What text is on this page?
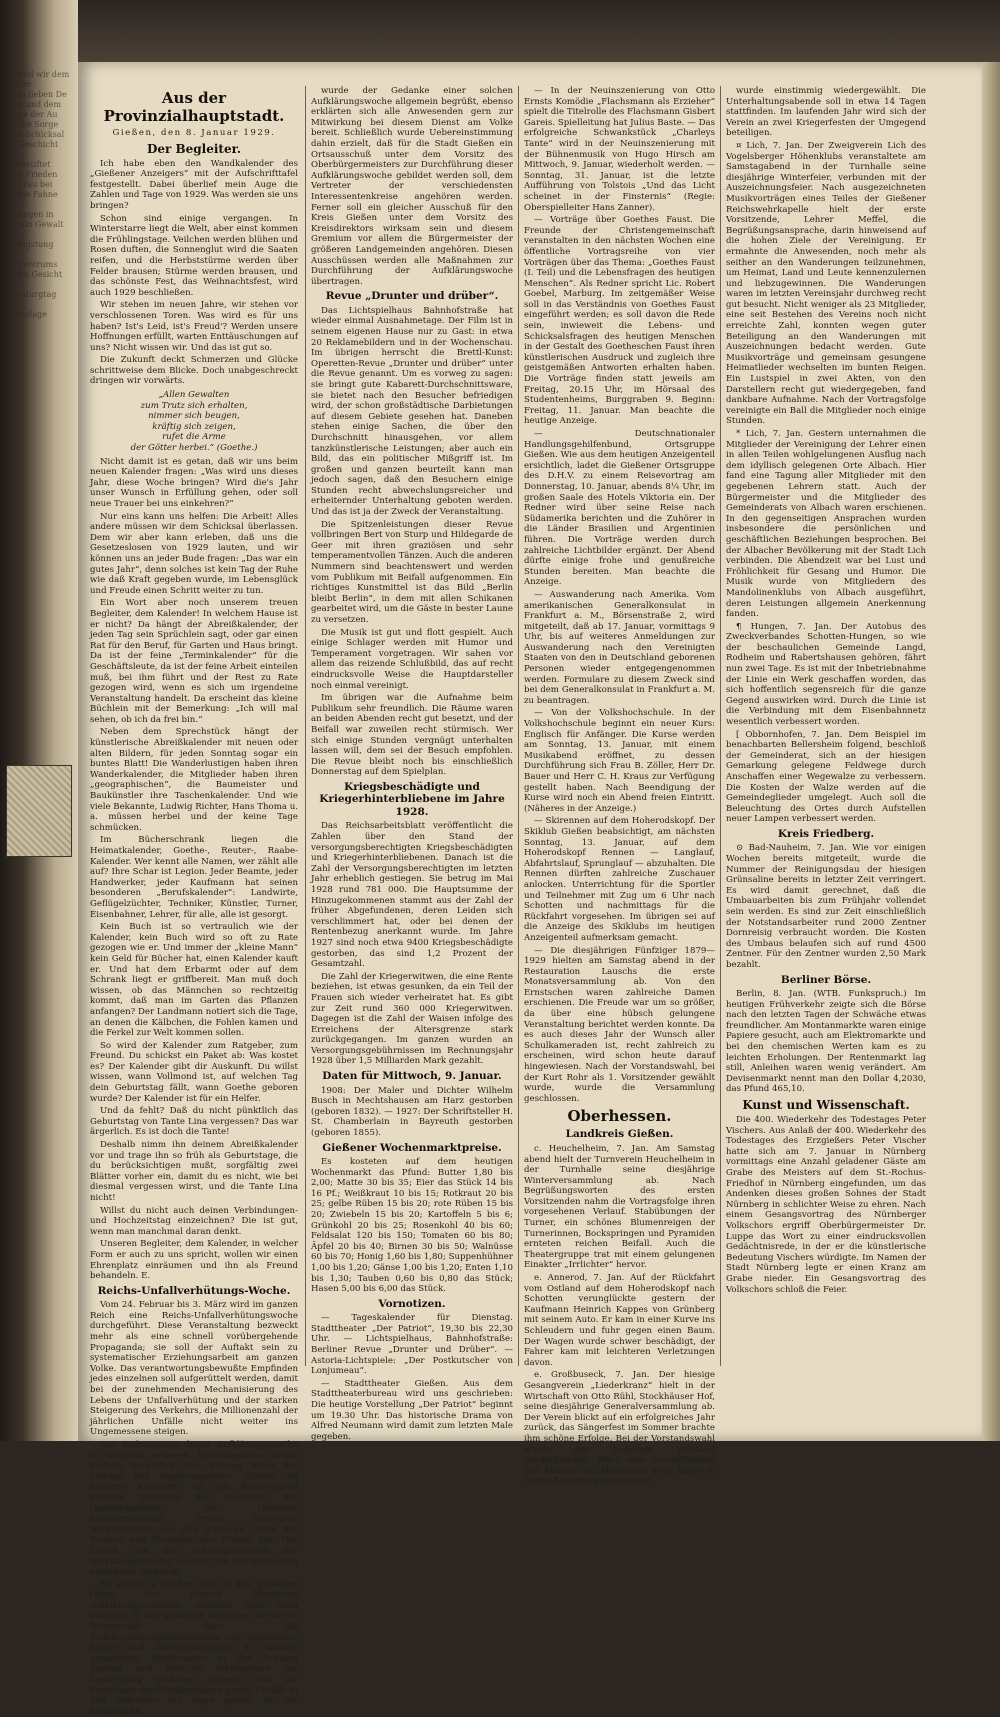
find wir dem Ver
in lieben De
d und dem
ge der Au
Die Sorge
n Schicksal
Geschicht

erstiftet
n Frieden
Frau bei
die Fahne

ungen in
von Gewalt

mgstung

Zentrums
tin Gesicht

rsturgtag

terlage
Aus der Provinzialhauptstadt.
Gießen, den 8. Januar 1929.
Der Begleiter.

Ich habe eben den Wandkalender des „Gießener Anzeigers“ mit der Aufschrifttafel festgestellt. Dabei überlief mein Auge die Zahlen und Tage von 1929. Was werden sie uns bringen?

Schon sind einige vergangen. In Winterstarre liegt die Welt, aber einst kommen die Frühlingstage. Veilchen werden blühen und Rosen duften, die Sonnenglut wird die Saaten reifen, und die Herbststürme werden über Felder brausen; Stürme werden brausen, und das schönste Fest, das Weihnachtsfest, wird auch 1929 beschließen.

Wir stehen im neuen Jahre, wir stehen vor verschlossenen Toren. Was wird es für uns haben? Ist's Leid, ist's Freud'? Werden unsere Hoffnungen erfüllt, warten Enttäuschungen auf uns? Nicht wissen wir. Und das ist gut so.

Die Zukunft deckt Schmerzen und Glücke schrittweise dem Blicke. Doch unabgeschreckt dringen wir vorwärts.

„Allen Gewalten
zum Trutz sich erhalten,
nimmer sich beugen,
kräftig sich zeigen,
rufet die Arme
der Götter herbei.“ (Goethe.)

Nicht damit ist es getan, daß wir uns beim neuen Kalender fragen: „Was wird uns dieses Jahr, diese Woche bringen? Wird die's Jahr unser Wunsch in Erfüllung gehen, oder soll neue Trauer bei uns einkehren?“

Nur eins kann uns helfen: Die Arbeit! Alles andere müssen wir dem Schicksal überlassen. Dem wir aber kann erleben, daß uns die Gesetzeslosen von 1929 lauten, und wir können uns an jeder Bude fragen: „Das war ein gutes Jahr“, denn solches ist kein Tag der Ruhe wie daß Kraft gegeben wurde, im Lebensglück und Freude einen Schritt weiter zu tun.

Ein Wort aber noch unserem treuen Begleiter, dem Kalender! In welchem Hause ist er nicht? Da hängt der Abreißkalender, der jeden Tag sein Sprüchlein sagt, oder gar einen Rat für den Beruf, für Garten und Haus bringt. Da ist der feine „Terminkalender“ für die Geschäftsleute, da ist der feine Arbeit einteilen muß, bei ihm führt und der Rest zu Rate gezogen wird, wenn es sich um irgendeine Veranstaltung handelt. Da erscheint das kleine Büchlein mit der Bemerkung: „Ich will mal sehen, ob ich da frei bin.“

Neben dem Sprechstück hängt der künstlerische Abreißkalender mit neuen oder alten Bildern, für jeden Sonntag sogar ein buntes Blatt! Die Wanderlustigen haben ihren Wanderkalender, die Mitglieder haben ihren „geographischen“, die Baumeister und Baukünstler ihre Taschenkalender. Und wie viele Bekannte, Ludwig Richter, Hans Thoma u. a. müssen herbei und der keine Tage schmücken.

Im Bücherschrank liegen die Heimatkalender, Goethe-, Reuter-, Raabe-Kalender. Wer kennt alle Namen, wer zählt alle auf? Ihre Schar ist Legion. Jeder Beamte, jeder Handwerker, jeder Kaufmann hat seinen besonderen „Berufskalender“: Landwirte, Geflügelzüchter, Techniker, Künstler, Turner, Eisenbahner, Lehrer, für alle, alle ist gesorgt.

Kein Buch ist so vertraulich wie der Kalender, kein Buch wird so oft zu Rate gezogen wie er. Und immer der „kleine Mann“ kein Geld für Bücher hat, einen Kalender kauft er. Und hat dem Erbarmt oder auf dem Schrank liegt er griffbereit. Man muß doch wissen, ob das Männchen so rechtzeitig kommt, daß man im Garten das Pflanzen anfangen? Der Landmann notiert sich die Tage, an denen die Kälbchen, die Fohlen kamen und die Ferkel zur Welt kommen sollen.

So wird der Kalender zum Ratgeber, zum Freund. Du schickst ein Paket ab: Was kostet es? Der Kalender gibt dir Auskunft. Du willst wissen, wann Vollmond ist, auf welchen Tag dein Geburtstag fällt, wann Goethe geboren wurde? Der Kalender ist für ein Helfer.

Und da fehlt? Daß du nicht pünktlich das Geburtstag von Tante Lina vergessen? Das war ärgerlich. Es ist doch die Tante!

Deshalb nimm ihn deinem Abreißkalender vor und trage ihn so früh als Geburtstage, die du berücksichtigen mußt, sorgfältig zwei Blätter vorher ein, damit du es nicht, wie bei diesmal vergessen wirst, und die Tante Lina nicht!

Willst du nicht auch deinen Verbindungen- und Hochzeitstag einzeichnen? Die ist gut, wenn man manchmal daran denkt.

Unseren Begleiter, dem Kalender, in welcher Form er auch zu uns spricht, wollen wir einen Ehrenplatz einräumen und ihn als Freund behandeln. E.

Reichs-Unfallverhütungs-Woche.

Vom 24. Februar bis 3. März wird im ganzen Reich eine Reichs-Unfallverhütungswoche durchgeführt. Diese Veranstaltung bezweckt mehr als eine schnell vorübergehende Propaganda; sie soll der Auftakt sein zu systematischer Erziehungsarbeit am ganzen Volke. Das verantwortungsbewußte Empfinden jedes einzelnen soll aufgerüttelt werden, damit bei der zunehmenden Mechanisierung des Lebens der Unfallverhütung und der starken Steigerung des Verkehrs, die Millionenzahl der jährlichen Unfälle nicht weiter ins Ungemessene steigen.

Der Vorbereitung dieser Aufklärungswoche in unserem engeren Heimatgebiete diente gestern vormittag eine Sitzung unter der Leitung des Regierungsrates Schmitt im hiesigen Kreisamt. An der Besprechung nahmen Vertreter der Industrie, der Handelskammer, der Gießener Stadtverwaltung, ferner zahlreiche Bürgermeister aus den größeren Orten des Kreises und Vertreter der Presse teil. Der Zweck und das Arbeitsprogramm der Aufklärungswoche wurden von Dr. Weesmann eingehend dargelegt.

Es sollen in Gießen und in den größeren Orten des Kreises öffentliche Aufklärungsvorträge, daneben aber auch Vorträge in den größeren Betrieben vor deren Belegschaft über die Unfallverhütungsmaßnahmen usw. stattfinden; ferner sind Filmvorführungen in Aussicht genommen. Belehrungen in den Schulen geplant und ähnliche Maßnahmen zur Verbreitung größeren Wissens und zur Verhütung der Unfallgefahren gegen Unfälle in den Betrieben ins Auge gefaßt. In der Aussprache

wurde der Gedanke einer solchen Aufklärungswoche allgemein begrüßt, ebenso erklärten sich alle Anwesenden gern zur Mitwirkung bei diesem Dienst am Volke bereit. Schließlich wurde Uebereinstimmung dahin erzielt, daß für die Stadt Gießen ein Ortsausschuß unter dem Vorsitz des Oberbürgermeisters zur Durchführung dieser Aufklärungswoche gebildet werden soll, dem Vertreter der verschiedensten Interessentenkreise angehören werden. Ferner soll ein gleicher Ausschuß für den Kreis Gießen unter dem Vorsitz des Kreisdirektors wirksam sein und diesem Gremium vor allem die Bürgermeister der größeren Landgemeinden angehören. Diesen Ausschüssen werden alle Maßnahmen zur Durchführung der Aufklärungswoche übertragen.

Revue „Drunter und drüber“.

Das Lichtspielhaus Bahnhofstraße hat wieder einmal Ausnahmetage. Der Film ist in seinem eigenen Hause nur zu Gast: in etwa 20 Reklamebildern und in der Wochenschau. Im übrigen herrscht die Brettl-Kunst: Operetten-Revue „Drunter und drüber“ unter die Revue genannt. Um es vorweg zu sagen: sie bringt gute Kabarett-Durchschnittsware, sie bietet nach den Besucher befriedigen wird, der schon großstädtische Darbietungen auf diesem Gebiete gesehen hat. Daneben stehen einige Sachen, die über den Durchschnitt hinausgehen, vor allem tanzkünstlerische Leistungen; aber auch ein Bild, das ein politischer Mißgriff ist. Im großen und ganzen beurteilt kann man jedoch sagen, daß den Besuchern einige Stunden recht abwechslungsreicher und erheiternder Unterhaltung geboten werden. Und das ist ja der Zweck der Veranstaltung.

Die Spitzenleistungen dieser Revue vollbringen Bert von Sturp und Hildegarde de Geer mit ihren graziösen und sehr temperamentvollen Tänzen. Auch die anderen Nummern sind beachtenswert und werden vom Publikum mit Beifall aufgenommen. Ein richtiges Kunstmittel ist das Bild „Berlin bleibt Berlin“, in dem mit allen Schikanen gearbeitet wird, um die Gäste in bester Laune zu versetzen.

Die Musik ist gut und flott gespielt. Auch einige Schlager werden mit Humor und Temperament vorgetragen. Wir sahen vor allem das reizende Schlußbild, das auf recht eindrucksvolle Weise die Hauptdarsteller noch einmal vereinigt.

Im übrigen war die Aufnahme beim Publikum sehr freundlich. Die Räume waren an beiden Abenden recht gut besetzt, und der Beifall war zuweilen recht stürmisch. Wer sich einige Stunden vergnügt unterhalten lassen will, dem sei der Besuch empfohlen. Die Revue bleibt noch bis einschließlich Donnerstag auf dem Spielplan.

Kriegsbeschädigte und Kriegerhinterbliebene im Jahre 1928.

Das Reichsarbeitsblatt veröffentlicht die Zahlen über den Stand der versorgungsberechtigten Kriegsbeschädigten und Kriegerhinterbliebenen. Danach ist die Zahl der Versorgungsberechtigten im letzten Jahr erheblich gestiegen. Sie betrug im Mai 1928 rund 781 000. Die Hauptsumme der Hinzugekommenen stammt aus der Zahl der früher Abgefundenen, deren Leiden sich verschlimmert hat, oder bei denen der Rentenbezug anerkannt wurde. Im Jahre 1927 sind noch etwa 9400 Kriegsbeschädigte gestorben, das sind 1,2 Prozent der Gesamtzahl.

Die Zahl der Kriegerwitwen, die eine Rente beziehen, ist etwas gesunken, da ein Teil der Frauen sich wieder verheiratet hat. Es gibt zur Zeit rund 360 000 Kriegerwitwen. Dagegen ist die Zahl der Waisen infolge des Erreichens der Altersgrenze stark zurückgegangen. Im ganzen wurden an Versorgungsgebührnissen im Rechnungsjahr 1928 über 1,5 Milliarden Mark gezahlt.

Daten für Mittwoch, 9. Januar.

1908: Der Maler und Dichter Wilhelm Busch in Mechtshausen am Harz gestorben (geboren 1832). — 1927: Der Schriftsteller H. St. Chamberlain in Bayreuth gestorben (geboren 1855).

Gießener Wochenmarktpreise.

Es kosteten auf dem heutigen Wochenmarkt das Pfund: Butter 1,80 bis 2,00; Matte 30 bis 35; Eier das Stück 14 bis 16 Pf.; Weißkraut 10 bis 15; Rotkraut 20 bis 25; gelbe Rüben 15 bis 20; rote Rüben 15 bis 20; Zwiebeln 15 bis 20; Kartoffeln 5 bis 6; Grünkohl 20 bis 25; Rosenkohl 40 bis 60; Feldsalat 120 bis 150; Tomaten 60 bis 80; Äpfel 20 bis 40; Birnen 30 bis 50; Walnüsse 60 bis 70; Honig 1,60 bis 1,80; Suppenhühner 1,00 bis 1,20; Gänse 1,00 bis 1,20; Enten 1,10 bis 1,30; Tauben 0,60 bis 0,80 das Stück; Hasen 5,00 bis 6,00 das Stück.

Vornotizen.

— Tageskalender für Dienstag. Stadttheater „Der Patriot“, 19,30 bis 22,30 Uhr. — Lichtspielhaus, Bahnhofstraße: Berliner Revue „Drunter und Drüber“. — Astoria-Lichtspiele: „Der Postkutscher von Lonjumeau“.

— Stadttheater Gießen. Aus dem Stadttheaterbureau wird uns geschrieben: Die heutige Vorstellung „Der Patriot“ beginnt um 19.30 Uhr. Das historische Drama von Alfred Neumann wird damit zum letzten Male gegeben.

— In der Neuinszenierung von Otto Ernsts Komödie „Flachsmann als Erzieher“ spielt die Titelrolle des Flachsmann Gisbert Gareis. Spielleitung hat Julius Baste. — Das erfolgreiche Schwankstück „Charleys Tante“ wird in der Neuinszenierung mit der Bühnenmusik von Hugo Hirsch am Mittwoch, 9. Januar, wiederholt werden. — Sonntag, 31. Januar, ist die letzte Aufführung von Tolstois „Und das Licht scheinet in der Finsternis“ (Regie: Oberspielleiter Hans Zanner).

— Vorträge über Goethes Faust. Die Freunde der Christengemeinschaft veranstalten in den nächsten Wochen eine öffentliche Vortragsreihe von vier Vorträgen über das Thema: „Goethes Faust (I. Teil) und die Lebensfragen des heutigen Menschen“. Als Redner spricht Lic. Robert Goebel, Marburg. Im zeitgemäßer Weise soll in das Verständnis von Goethes Faust eingeführt werden; es soll davon die Rede sein, inwieweit die Lebens- und Schicksalsfragen des heutigen Menschen in der Gestalt des Goetheschen Faust ihren künstlerischen Ausdruck und zugleich ihre geistgemäßen Antworten erhalten haben. Die Vorträge finden statt jeweils am Freitag, 20.15 Uhr, im Hörsaal des Studentenheims, Burggraben 9. Beginn: Freitag, 11. Januar. Man beachte die heutige Anzeige.

— Deutschnationaler Handlungsgehilfenbund, Ortsgruppe Gießen. Wie aus dem heutigen Anzeigenteil ersichtlich, ladet die Gießener Ortsgruppe des D.H.V. zu einem Reisevortrag am Donnerstag, 10. Januar, abends 8¼ Uhr, im großen Saale des Hotels Viktoria ein. Der Redner wird über seine Reise nach Südamerika berichten und die Zuhörer in die Länder Brasilien und Argentinien führen. Die Vorträge werden durch zahlreiche Lichtbilder ergänzt. Der Abend dürfte einige frohe und genußreiche Stunden bereiten. Man beachte die Anzeige.

— Auswanderung nach Amerika. Vom amerikanischen Generalkonsulat in Frankfurt a. M., Börsenstraße 2, wird mitgeteilt, daß ab 17. Januar, vormittags 9 Uhr, bis auf weiteres Anmeldungen zur Auswanderung nach den Vereinigten Staaten von den in Deutschland geborenen Personen wieder entgegengenommen werden. Formulare zu diesem Zweck sind bei dem Generalkonsulat in Frankfurt a. M. zu beantragen.

— Von der Volkshochschule. In der Volkshochschule beginnt ein neuer Kurs: Englisch für Anfänger. Die Kurse werden am Sonntag, 13. Januar, mit einem Musikabend eröffnet, zu dessen Durchführung sich Frau B. Zöller, Herr Dr. Bauer und Herr C. H. Kraus zur Verfügung gestellt haben. Nach Beendigung der Kurse wird noch ein Abend freien Eintritt. (Näheres in der Anzeige.)

— Skirennen auf dem Hoherodskopf. Der Skiklub Gießen beabsichtigt, am nächsten Sonntag, 13. Januar, auf dem Hoherodskopf Rennen — Langlauf, Abfahrtslauf, Sprunglauf — abzuhalten. Die Rennen dürften zahlreiche Zuschauer anlocken. Unterrichtung für die Sportler und Teilnehmer mit Zug um 6 Uhr nach Schotten und nachmittags für die Rückfahrt vorgesehen. Im übrigen sei auf die Anzeige des Skiklubs im heutigen Anzeigenteil aufmerksam gemacht.

— Die diesjährigen Fünfziger 1879—1929 hielten am Samstag abend in der Restauration Lauschs die erste Monatsversammlung ab. Von den Ernstschen waren zahlreiche Damen erschienen. Die Freude war um so größer, da über eine hübsch gelungene Veranstaltung berichtet werden konnte. Da es auch dieses Jahr der Wunsch aller Schulkameraden ist, recht zahlreich zu erscheinen, wird schon heute darauf hingewiesen. Nach der Vorstandswahl, bei der Kurt Rohr als 1. Vorsitzender gewählt wurde, wurde die Versammlung geschlossen.

Oberhessen.
Landkreis Gießen.

c. Heuchelheim, 7. Jan. Am Samstag abend hielt der Turnverein Heuchelheim in der Turnhalle seine diesjährige Winterversammlung ab. Nach Begrüßungsworten des ersten Vorsitzenden nahm die Vortragsfolge ihren vorgesehenen Verlauf. Stabübungen der Turner, ein schönes Blumenreigen der Turnerinnen, Bockspringen und Pyramiden ernteten reichen Beifall. Auch die Theatergruppe trat mit einem gelungenen Einakter „Irrlichter“ hervor.

e. Annerod, 7. Jan. Auf der Rückfahrt vom Ostland auf dem Hoherodskopf nach Schotten verunglückte gestern der Kaufmann Heinrich Kappes von Grünberg mit seinem Auto. Er kam in einer Kurve ins Schleudern und fuhr gegen einen Baum. Der Wagen wurde schwer beschädigt, der Fahrer kam mit leichteren Verletzungen davon.

e. Großbuseck, 7. Jan. Der hiesige Gesangverein „Liederkranz“ hielt in der Wirtschaft von Otto Rühl, Stockhäuser Hof, seine diesjährige Generalversammlung ab. Der Verein blickt auf ein erfolgreiches Jahr zurück, das Sängerfest im Sommer brachte ihm schöne Erfolge. Bei der Vorstandswahl wurde der bisherige Vorstand wiedergewählt. Nach dem geschäftlichen Teil blieben die Mitglieder noch lange in froher Stimmung beisammen.

wurde einstimmig wiedergewählt. Die Unterhaltungsabende soll in etwa 14 Tagen stattfinden. Im laufenden Jahr wird sich der Verein an zwei Kriegerfesten der Umgegend beteiligen.

¤ Lich, 7. Jan. Der Zweigverein Lich des Vogelsberger Höhenklubs veranstaltete am Samstagabend in der Turnhalle seine diesjährige Winterfeier, verbunden mit der Auszeichnungsfeier. Nach ausgezeichneten Musikvorträgen eines Teiles der Gießener Reichswehrkapelle hielt der erste Vorsitzende, Lehrer Meffel, die Begrüßungsansprache, darin hinweisend auf die hohen Ziele der Vereinigung. Er ermahnte die Anwesenden, noch mehr als seither an den Wanderungen teilzunehmen, um Heimat, Land und Leute kennenzulernen und liebzugewinnen. Die Wanderungen waren im letzten Vereinsjahr durchweg recht gut besucht. Nicht weniger als 23 Mitglieder, eine seit Bestehen des Vereins noch nicht erreichte Zahl, konnten wegen guter Beteiligung an den Wanderungen mit Auszeichnungen bedacht werden. Gute Musikvorträge und gemeinsam gesungene Heimatlieder wechselten im bunten Reigen. Ein Lustspiel in zwei Akten, von den Darstellern recht gut wiedergegeben, fand dankbare Aufnahme. Nach der Vortragsfolge vereinigte ein Ball die Mitglieder noch einige Stunden.

* Lich, 7. Jan. Gestern unternahmen die Mitglieder der Vereinigung der Lehrer einen in allen Teilen wohlgelungenen Ausflug nach dem idyllisch gelegenen Orte Albach. Hier fand eine Tagung aller Mitglieder mit den gegebenen Lehrern statt. Auch der Bürgermeister und die Mitglieder des Gemeinderats von Albach waren erschienen. In den gegenseitigen Ansprachen wurden insbesondere die persönlichen und geschäftlichen Beziehungen besprochen. Bei der Albacher Bevölkerung mit der Stadt Lich verbinden. Die Abendzeit war bei Lust und Fröhlichkeit für Gesang und Humor. Die Musik wurde von Mitgliedern des Mandolinenklubs von Albach ausgeführt, deren Leistungen allgemein Anerkennung fanden.

¶ Hungen, 7. Jan. Der Autobus des Zweckverbandes Schotten-Hungen, so wie der beschaulichen Gemeinde Langd, Rodheim und Rabertshausen gehören, fährt nun zwei Tage. Es ist mit der Inbetriebnahme der Linie ein Werk geschaffen worden, das sich hoffentlich segensreich für die ganze Gegend auswirken wird. Durch die Linie ist die Verbindung mit dem Eisenbahnnetz wesentlich verbessert worden.

[ Obbornhofen, 7. Jan. Dem Beispiel im benachbarten Bellersheim folgend, beschloß der Gemeinderat, sich an der hiesigen Gemarkung gelegene Feldwege durch Anschaffen einer Wegewalze zu verbessern. Die Kosten der Walze werden auf die Gemeindeglieder umgelegt. Auch soll die Beleuchtung des Ortes durch Aufstellen neuer Lampen verbessert werden.

Kreis Friedberg.

⊙ Bad-Nauheim, 7. Jan. Wie vor einigen Wochen bereits mitgeteilt, wurde die Nummer der Reinigungsdau der hiesigen Grünsaline bereits in letzter Zeit verringert. Es wird damit gerechnet, daß die Umbauarbeiten bis zum Frühjahr vollendet sein werden. Es sind zur Zeit einschließlich der Notstandsarbeiter rund 2000 Zentner Dornreisig verbraucht worden. Die Kosten des Umbaus belaufen sich auf rund 4500 Zentner. Für den Zentner wurden 2,50 Mark bezahlt.

Berliner Börse.

Berlin, 8. Jan. (WTB. Funkspruch.) Im heutigen Frühverkehr zeigte sich die Börse nach den letzten Tagen der Schwäche etwas freundlicher. Am Montanmarkte waren einige Papiere gesucht, auch am Elektromarkte und bei den chemischen Werten kam es zu leichten Erholungen. Der Rentenmarkt lag still, Anleihen waren wenig verändert. Am Devisenmarkt nennt man den Dollar 4,2030, das Pfund 465,10.

Kunst und Wissenschaft.

Die 400. Wiederkehr des Todestages Peter Vischers. Aus Anlaß der 400. Wiederkehr des Todestages des Erzgießers Peter Vischer hatte sich am 7. Januar in Nürnberg vormittags eine Anzahl geladener Gäste am Grabe des Meisters auf dem St.-Rochus-Friedhof in Nürnberg eingefunden, um das Andenken dieses großen Sohnes der Stadt Nürnberg in schlichter Weise zu ehren. Nach einem Gesangsvortrag des Nürnberger Volkschors ergriff Oberbürgermeister Dr. Luppe das Wort zu einer eindrucksvollen Gedächtnisrede, in der er die künstlerische Bedeutung Vischers würdigte. Im Namen der Stadt Nürnberg legte er einen Kranz am Grabe nieder. Ein Gesangsvortrag des Volkschors schloß die Feier.
